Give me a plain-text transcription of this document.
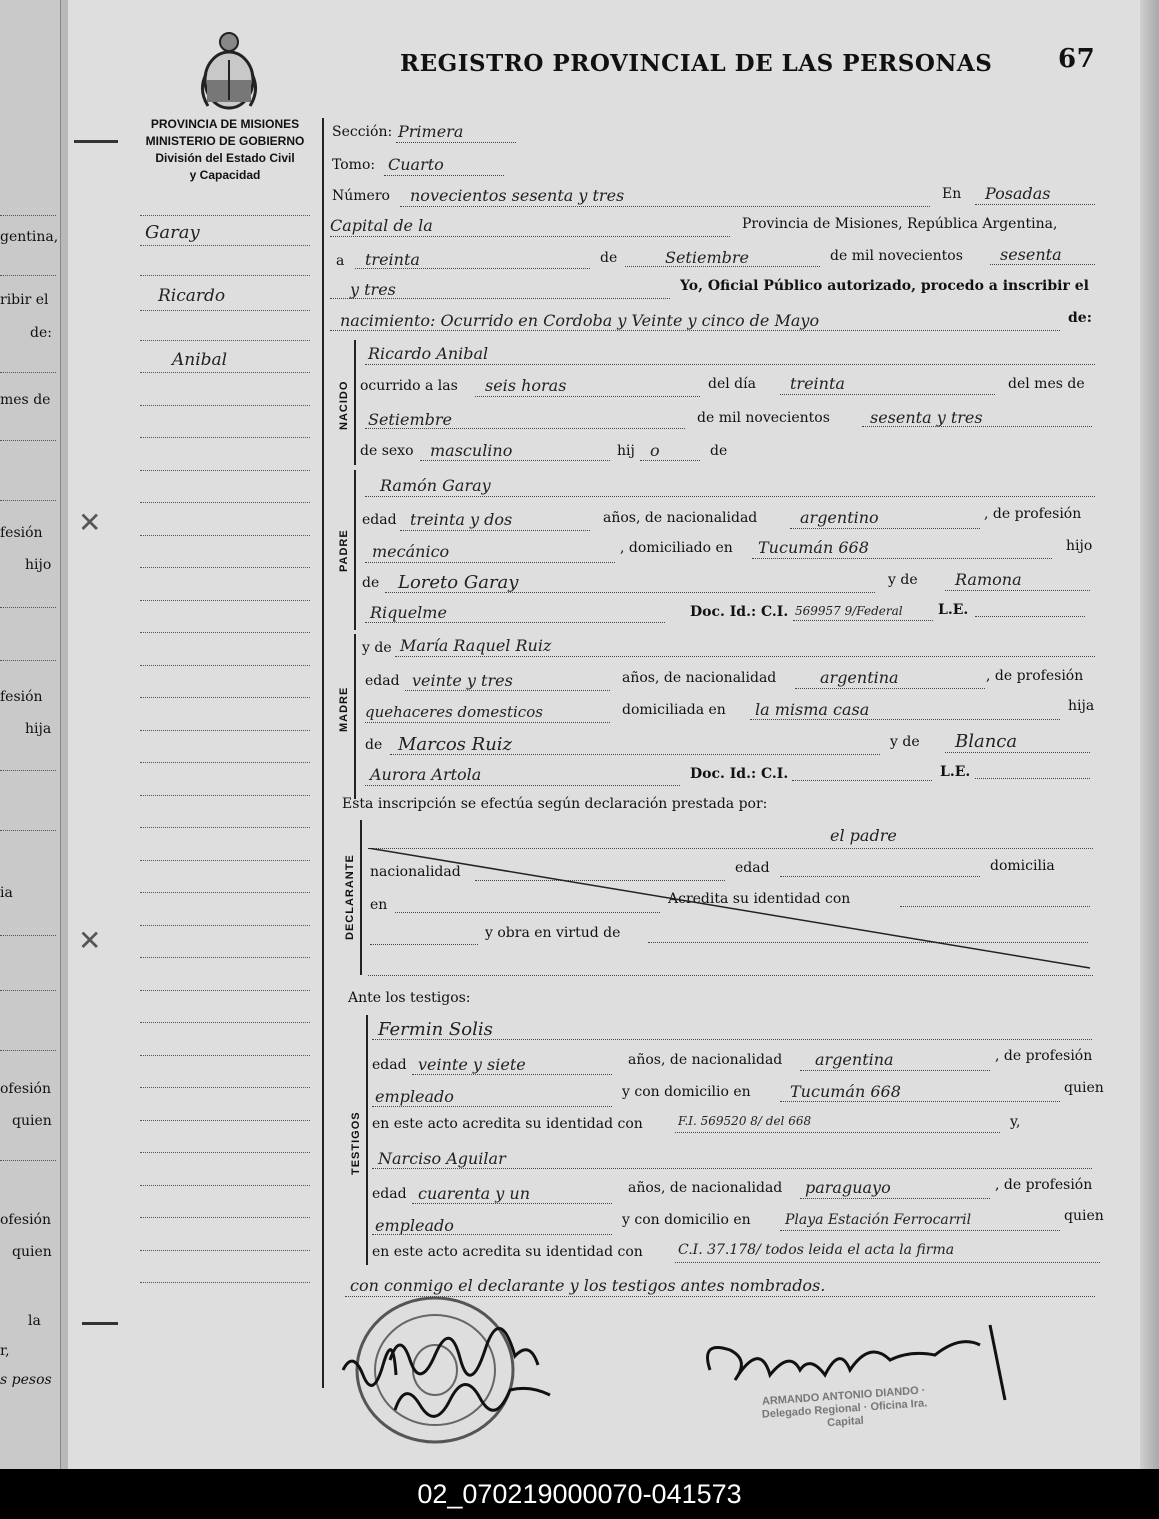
gentina,
ribir el
de:
mes de
fesión
hijo
fesión
hija
ia
ofesión
quien
ofesión
quien
la
r,
s pesos
✕
✕
REGISTRO PROVINCIAL DE LAS PERSONAS	67
PROVINCIA DE MISIONES
MINISTERIO DE GOBIERNO
División del Estado Civil
y Capacidad
Garay
Ricardo
Anibal
Sección: Primera
Tomo: Cuarto
Número novecientos sesenta y tres	En Posadas
Capital de la	Provincia de Misiones, República Argentina,
a treinta	de	Setiembre	de mil novecientos sesenta
y tres	Yo, Oficial Público autorizado, procedo a inscribir el
nacimiento: Ocurrido en Cordoba y Veinte y cinco de Mayo	de:
NACIDO
Ricardo Anibal
ocurrido a las seis horas	del día treinta	del mes de
Setiembre	de mil novecientos	sesenta y tres
de sexo masculino	hij o	de
PADRE
Ramón Garay
edad treinta y dos	años, de nacionalidad	argentino	, de profesión
mecánico	, domiciliado en Tucumán 668	hijo
de Loreto Garay	y de Ramona
Riquelme	Doc. Id.: C.I. 569957 9/Federal	L.E.
MADRE
y de María Raquel Ruiz
edad veinte y tres	años, de nacionalidad	argentina	, de profesión
quehaceres domesticos	domiciliada en la misma casa	hija
de Marcos Ruiz	y de Blanca
Aurora Artola	Doc. Id.: C.I.	L.E.
Esta inscripción se efectúa según declaración prestada por:
DECLARANTE
el padre
nacionalidad	edad	domicilia
en	Acredita su identidad con
y obra en virtud de
Ante los testigos:
TESTIGOS
Fermin Solis
edad veinte y siete	años, de nacionalidad argentina	, de profesión
empleado	y con domicilio en Tucumán 668	quien
en este acto acredita su identidad con	F.I. 569520 8/ del 668	y,
Narciso Aguilar
edad cuarenta y un	años, de nacionalidad paraguayo	, de profesión
empleado	y con domicilio en Playa Estación Ferrocarril	quien
en este acto acredita su identidad con	C.I. 37.178/ todos leida el acta la firma
con conmigo el declarante y los testigos antes nombrados.
ARMANDO ANTONIO DIANDO · Delegado Regional · Oficina Ira. Capital
02_070219000070-041573
